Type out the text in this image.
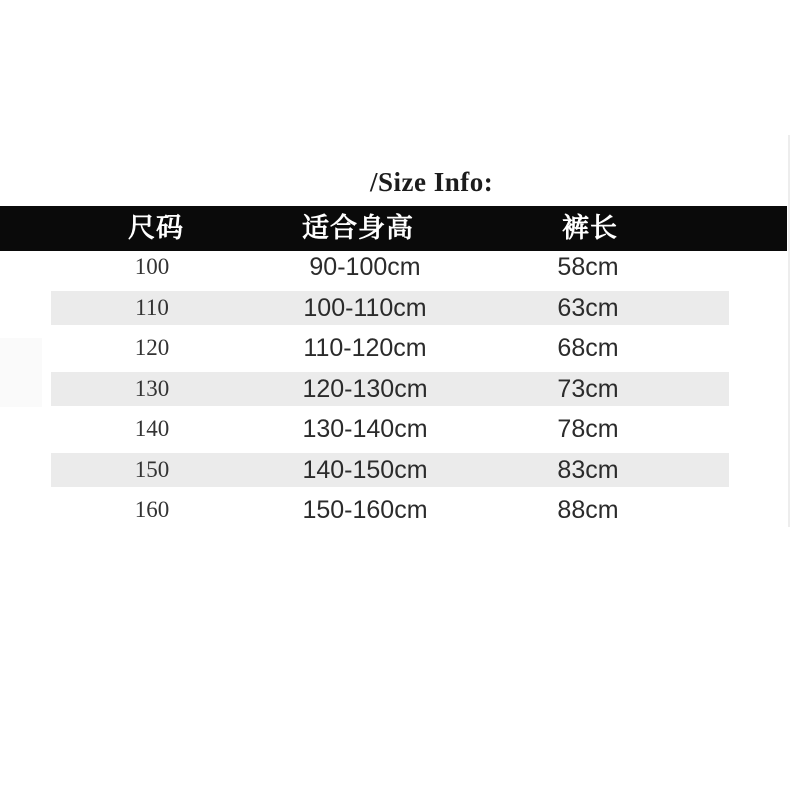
/Size Info:
尺码	适合身高	裤长
100	90-100cm	58cm
110	100-110cm	63cm
120	110-120cm	68cm
130	120-130cm	73cm
140	130-140cm	78cm
150	140-150cm	83cm
160	150-160cm	88cm
